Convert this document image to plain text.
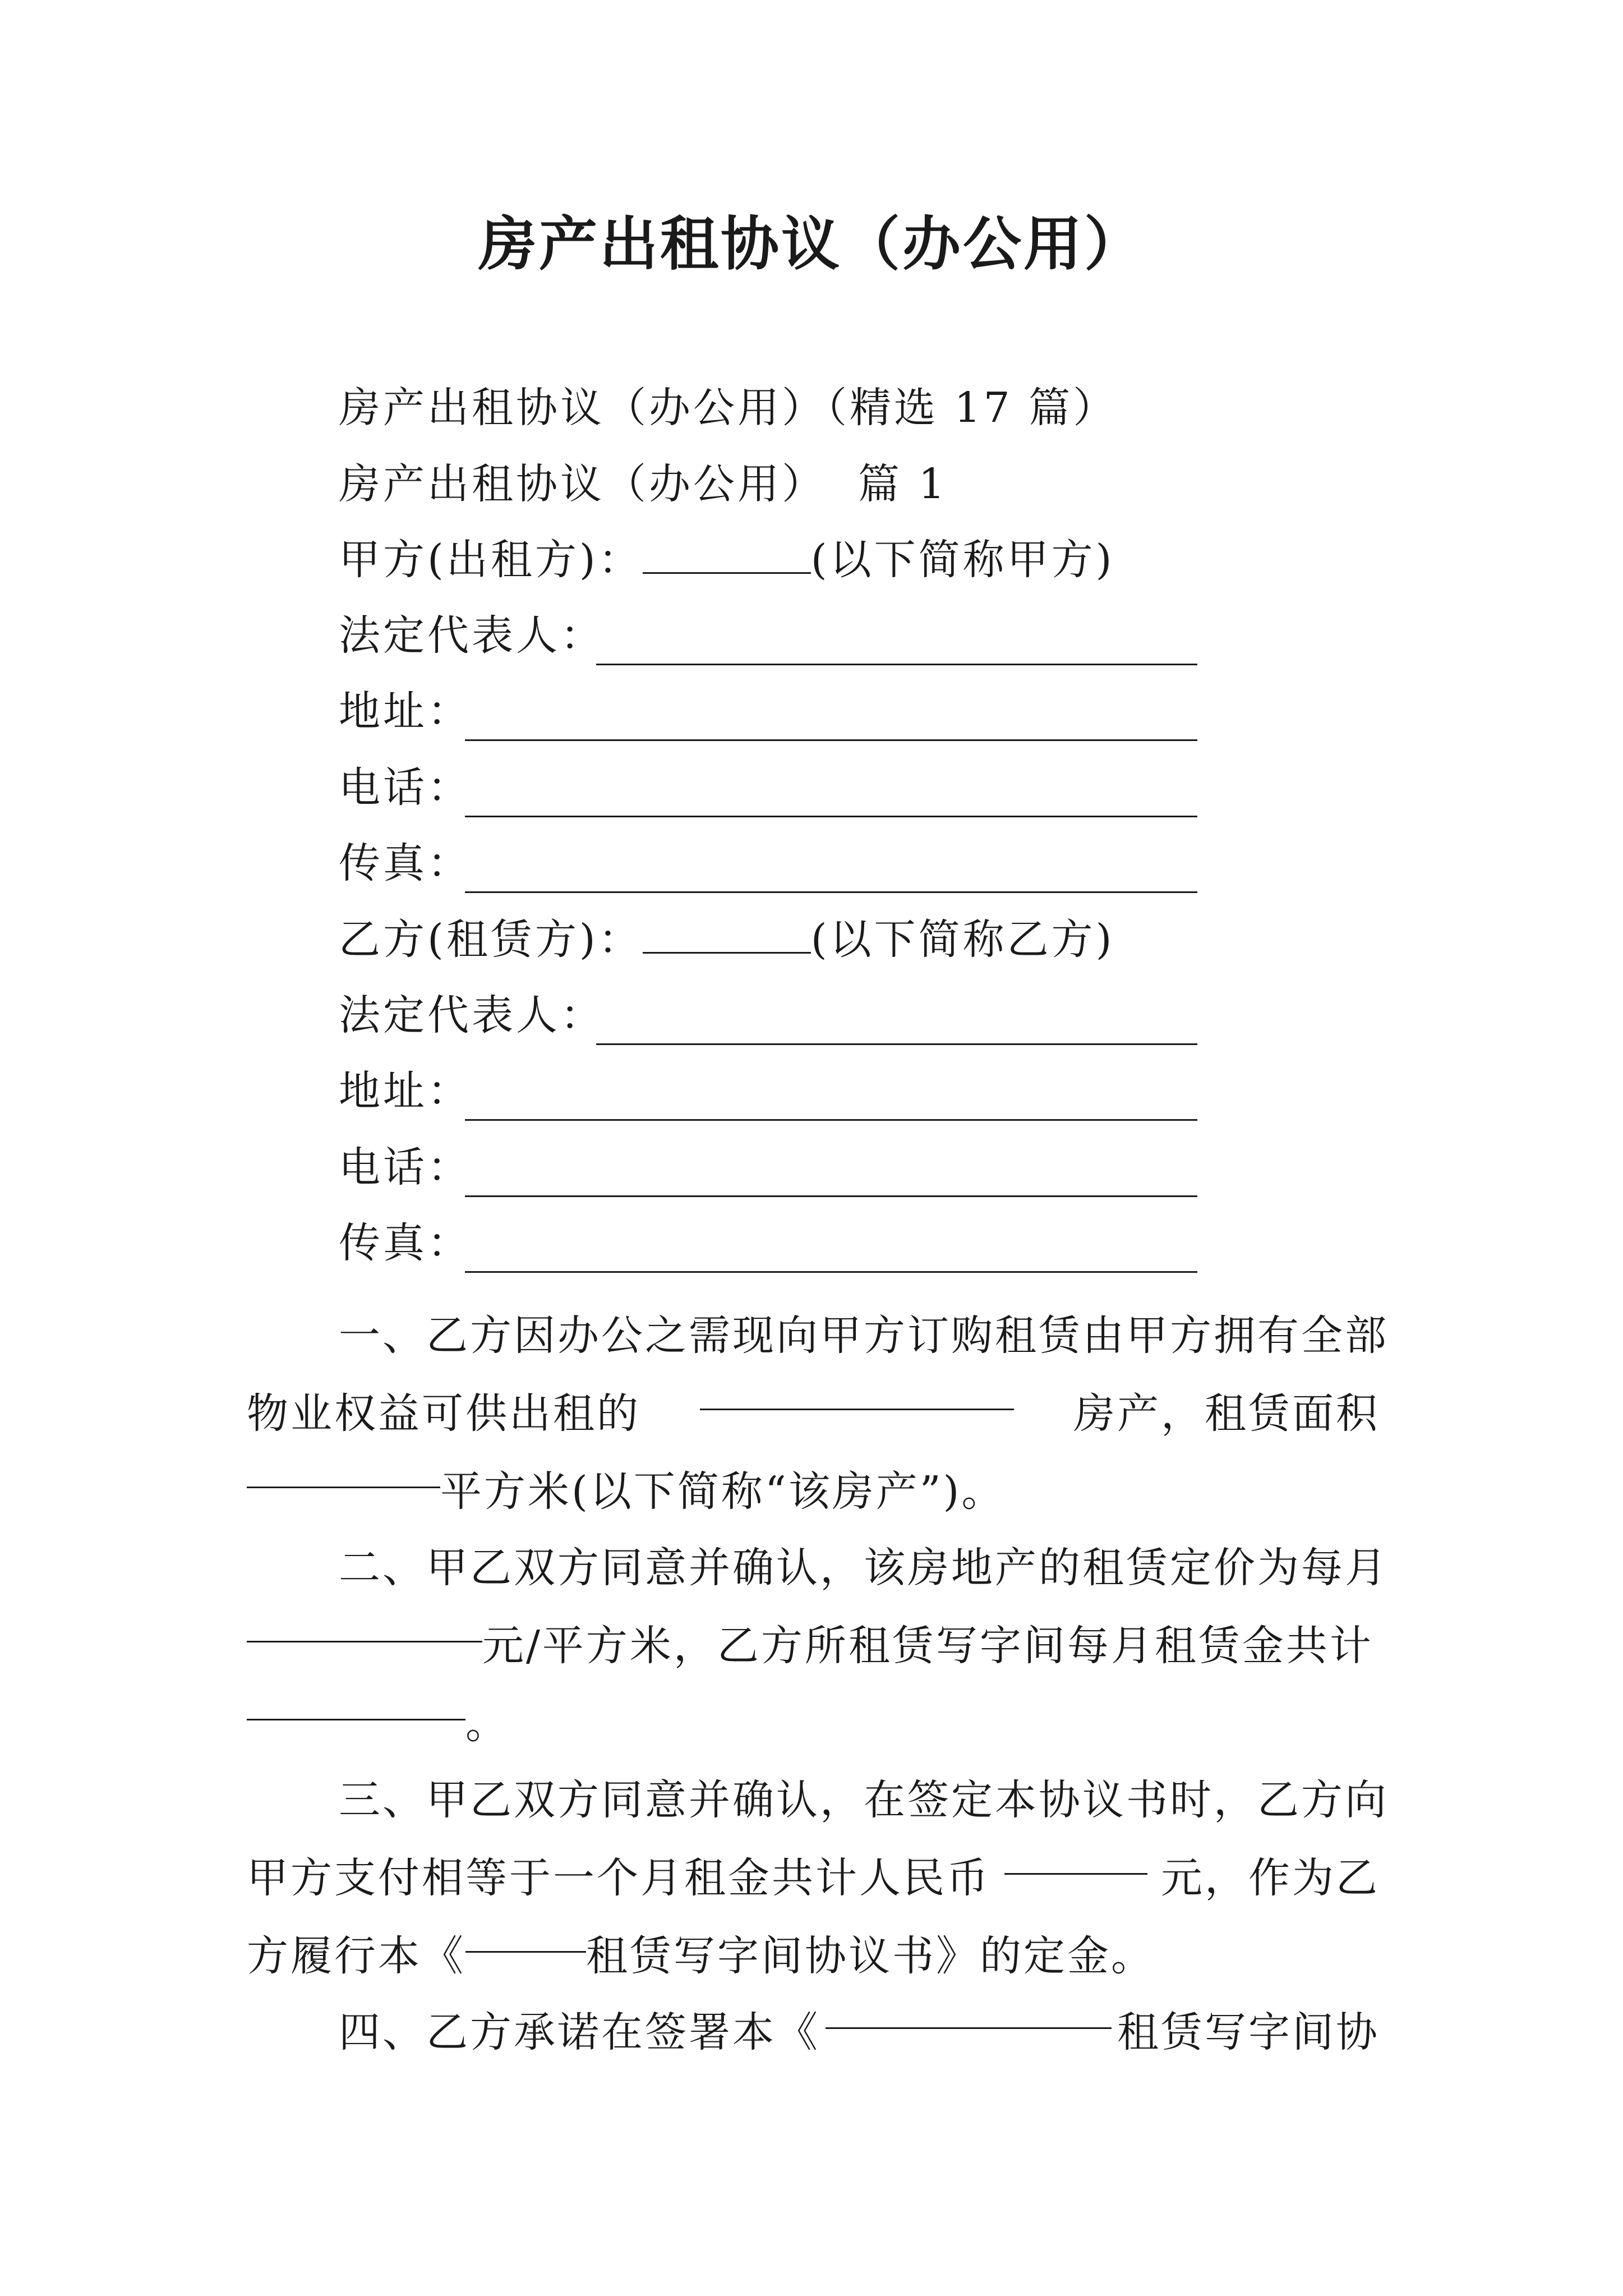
房产出租协议（办公用）
房产出租协议（办公用）（精选 17 篇）
房产出租协议（办公用）  篇 1
甲方(出租方)：	(以下简称甲方)
法定代表人：
地址：
电话：
传真：
乙方(租赁方)：	(以下简称乙方)
法定代表人：
地址：
电话：
传真：
一、乙方因办公之需现向甲方订购租赁由甲方拥有全部
物业权益可供出租的	房产，租赁面积
平方米(以下简称“该房产”)。
二、甲乙双方同意并确认，该房地产的租赁定价为每月
元/平方米，乙方所租赁写字间每月租赁金共计
。
三、甲乙双方同意并确认，在签定本协议书时，乙方向
甲方支付相等于一个月租金共计人民币	元，作为乙
方履行本《	租赁写字间协议书》的定金。
四、乙方承诺在签署本《	租赁写字间协
